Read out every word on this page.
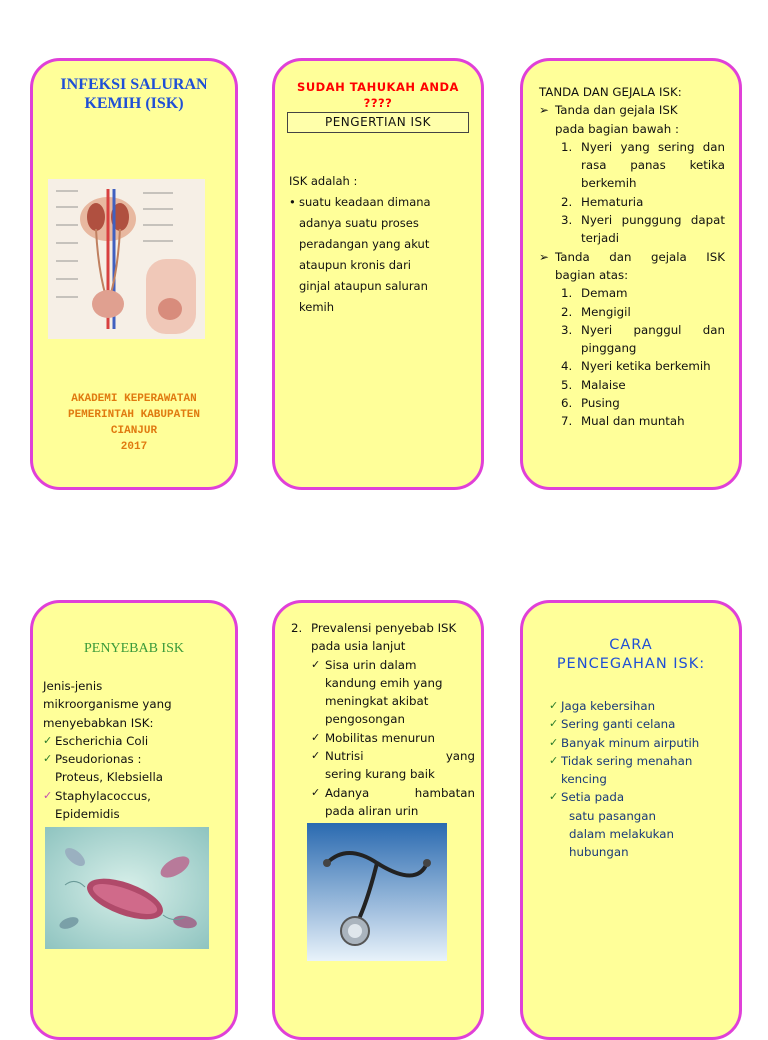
INFEKSI SALURAN
KEMIH (ISK)
AKADEMI KEPERAWATAN
PEMERINTAH KABUPATEN
CIANJUR
2017
SUDAH TAHUKAH ANDA
????
PENGERTIAN ISK
ISK adalah :
• suatu keadaan dimana
adanya suatu proses
peradangan yang akut
ataupun kronis dari
ginjal ataupun saluran
kemih
TANDA DAN GEJALA ISK:
➢ Tanda dan gejala ISK
pada bagian bawah :
1. Nyeri yang sering dan
rasa panas ketika
berkemih
2. Hematuria
3. Nyeri punggung dapat
terjadi
➢ Tanda dan gejala ISK
bagian atas:
1. Demam
2. Mengigil
3. Nyeri panggul dan
pinggang
4. Nyeri ketika berkemih
5. Malaise
6. Pusing
7. Mual dan muntah
PENYEBAB ISK
Jenis-jenis
mikroorganisme yang
menyebabkan ISK:
✓ Escherichia Coli
✓ Pseudorionas :
Proteus, Klebsiella
✓ Staphylacoccus,
Epidemidis
2. Prevalensi penyebab ISK
pada usia lanjut
✓ Sisa urin dalam
kandung emih yang
meningkat akibat
pengosongan
✓ Mobilitas menurun
✓ Nutrisi yang
sering kurang baik
✓ Adanya hambatan
pada aliran urin
CARA
PENCEGAHAN ISK:
✓ Jaga kebersihan
✓ Sering ganti celana
✓ Banyak minum airputih
✓ Tidak sering menahan
kencing
✓ Setia pada
satu pasangan
dalam melakukan
hubungan
